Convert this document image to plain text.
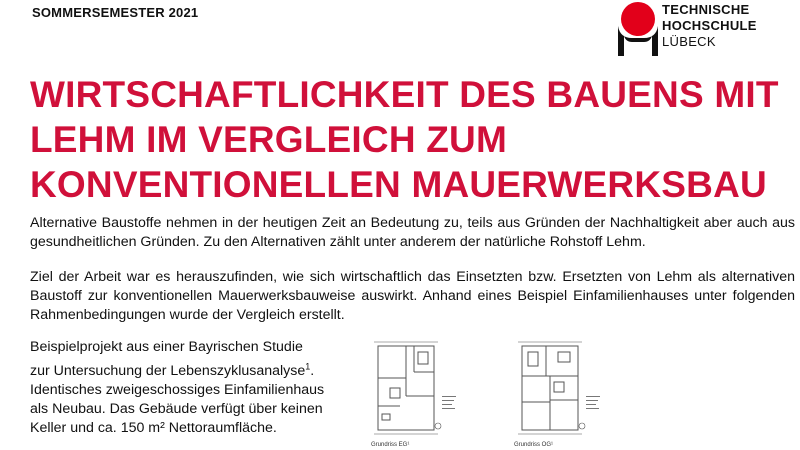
SOMMERSEMESTER 2021	TECHNISCHE
HOCHSCHULE
LÜBECK
WIRTSCHAFTLICHKEIT DES BAUENS MIT
LEHM IM VERGLEICH ZUM
KONVENTIONELLEN MAUERWERKSBAU

Alternative Baustoffe nehmen in der heutigen Zeit an Bedeutung zu, teils aus Gründen der Nachhaltigkeit aber auch aus gesundheitlichen Gründen. Zu den Alternativen zählt unter anderem der natürliche Rohstoff Lehm.

Ziel der Arbeit war es herauszufinden, wie sich wirtschaftlich das Einsetzten bzw. Ersetzten von Lehm als alternativen Baustoff zur konventionellen Mauerwerksbauweise auswirkt. Anhand eines Beispiel Einfamilienhauses unter folgenden Rahmenbedingungen wurde der Vergleich erstellt.

Beispielprojekt aus einer Bayrischen Studie
zur Untersuchung der Lebenszyklusanalyse$^1$.
Identisches zweigeschossiges Einfamilienhaus
als Neubau. Das Gebäude verfügt über keinen
Keller und ca. 150 m² Nettoraumfläche.
Grundriss EG¹	Grundriss OG¹
